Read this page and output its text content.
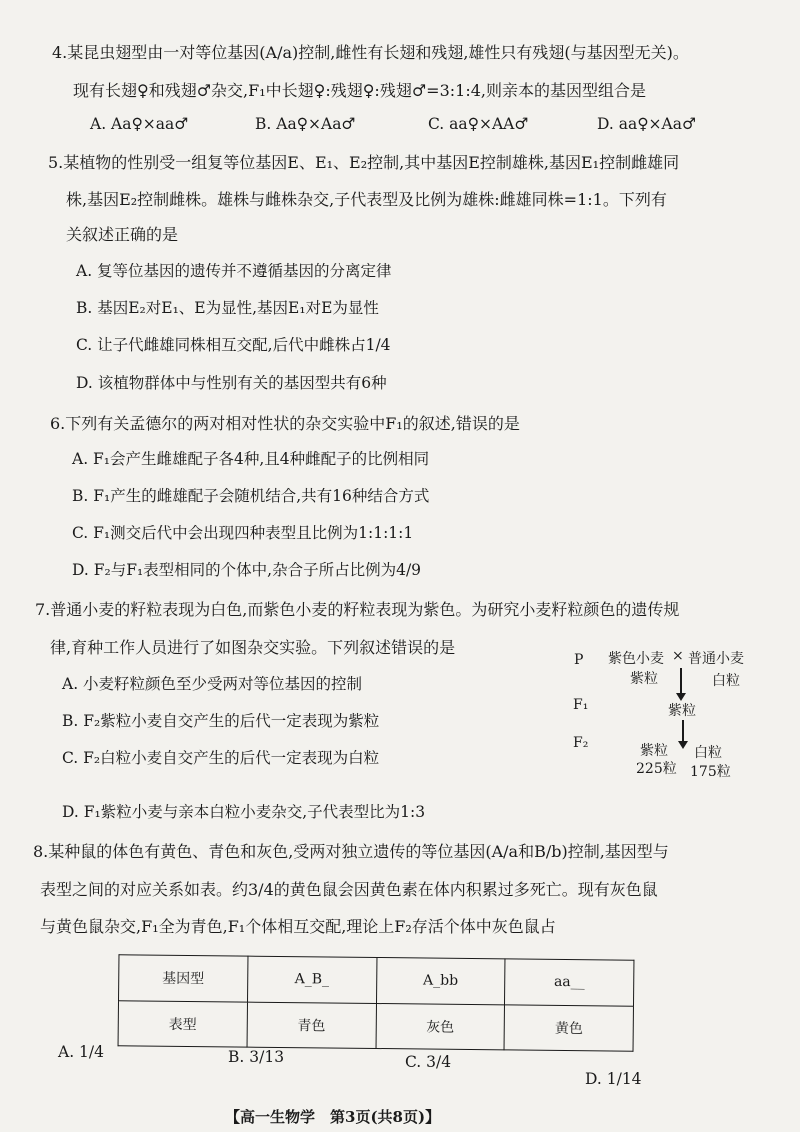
4.某昆虫翅型由一对等位基因(A/a)控制,雌性有长翅和残翅,雄性只有残翅(与基因型无关)。
现有长翅♀和残翅♂杂交,F₁中长翅♀:残翅♀:残翅♂=3:1:4,则亲本的基因型组合是
A. Aa♀×aa♂	B. Aa♀×Aa♂	C. aa♀×AA♂	D. aa♀×Aa♂
5.某植物的性别受一组复等位基因E、E₁、E₂控制,其中基因E控制雄株,基因E₁控制雌雄同
株,基因E₂控制雌株。雄株与雌株杂交,子代表型及比例为雄株:雌雄同株=1:1。下列有
关叙述正确的是
A. 复等位基因的遗传并不遵循基因的分离定律
B. 基因E₂对E₁、E为显性,基因E₁对E为显性
C. 让子代雌雄同株相互交配,后代中雌株占1/4
D. 该植物群体中与性别有关的基因型共有6种
6.下列有关孟德尔的两对相对性状的杂交实验中F₁的叙述,错误的是
A. F₁会产生雌雄配子各4种,且4种雌配子的比例相同
B. F₁产生的雌雄配子会随机结合,共有16种结合方式
C. F₁测交后代中会出现四种表型且比例为1:1:1:1
D. F₂与F₁表型相同的个体中,杂合子所占比例为4/9
7.普通小麦的籽粒表现为白色,而紫色小麦的籽粒表现为紫色。为研究小麦籽粒颜色的遗传规
律,育种工作人员进行了如图杂交实验。下列叙述错误的是
A. 小麦籽粒颜色至少受两对等位基因的控制
B. F₂紫粒小麦自交产生的后代一定表现为紫粒
C. F₂白粒小麦自交产生的后代一定表现为白粒
D. F₁紫粒小麦与亲本白粒小麦杂交,子代表型比为1:3
P 紫色小麦 × 普通小麦
紫粒	白粒
F₁	紫粒
F₂	紫粒 白粒
225粒 175粒
8.某种鼠的体色有黄色、青色和灰色,受两对独立遗传的等位基因(A/a和B/b)控制,基因型与
表型之间的对应关系如表。约3/4的黄色鼠会因黄色素在体内积累过多死亡。现有灰色鼠
与黄色鼠杂交,F₁全为青色,F₁个体相互交配,理论上F₂存活个体中灰色鼠占
基因型	A_B_	A_bb	aa__
表型	青色	灰色	黄色
A. 1/4	B. 3/13	C. 3/4
D. 1/14
【高一生物学　第3页(共8页)】
